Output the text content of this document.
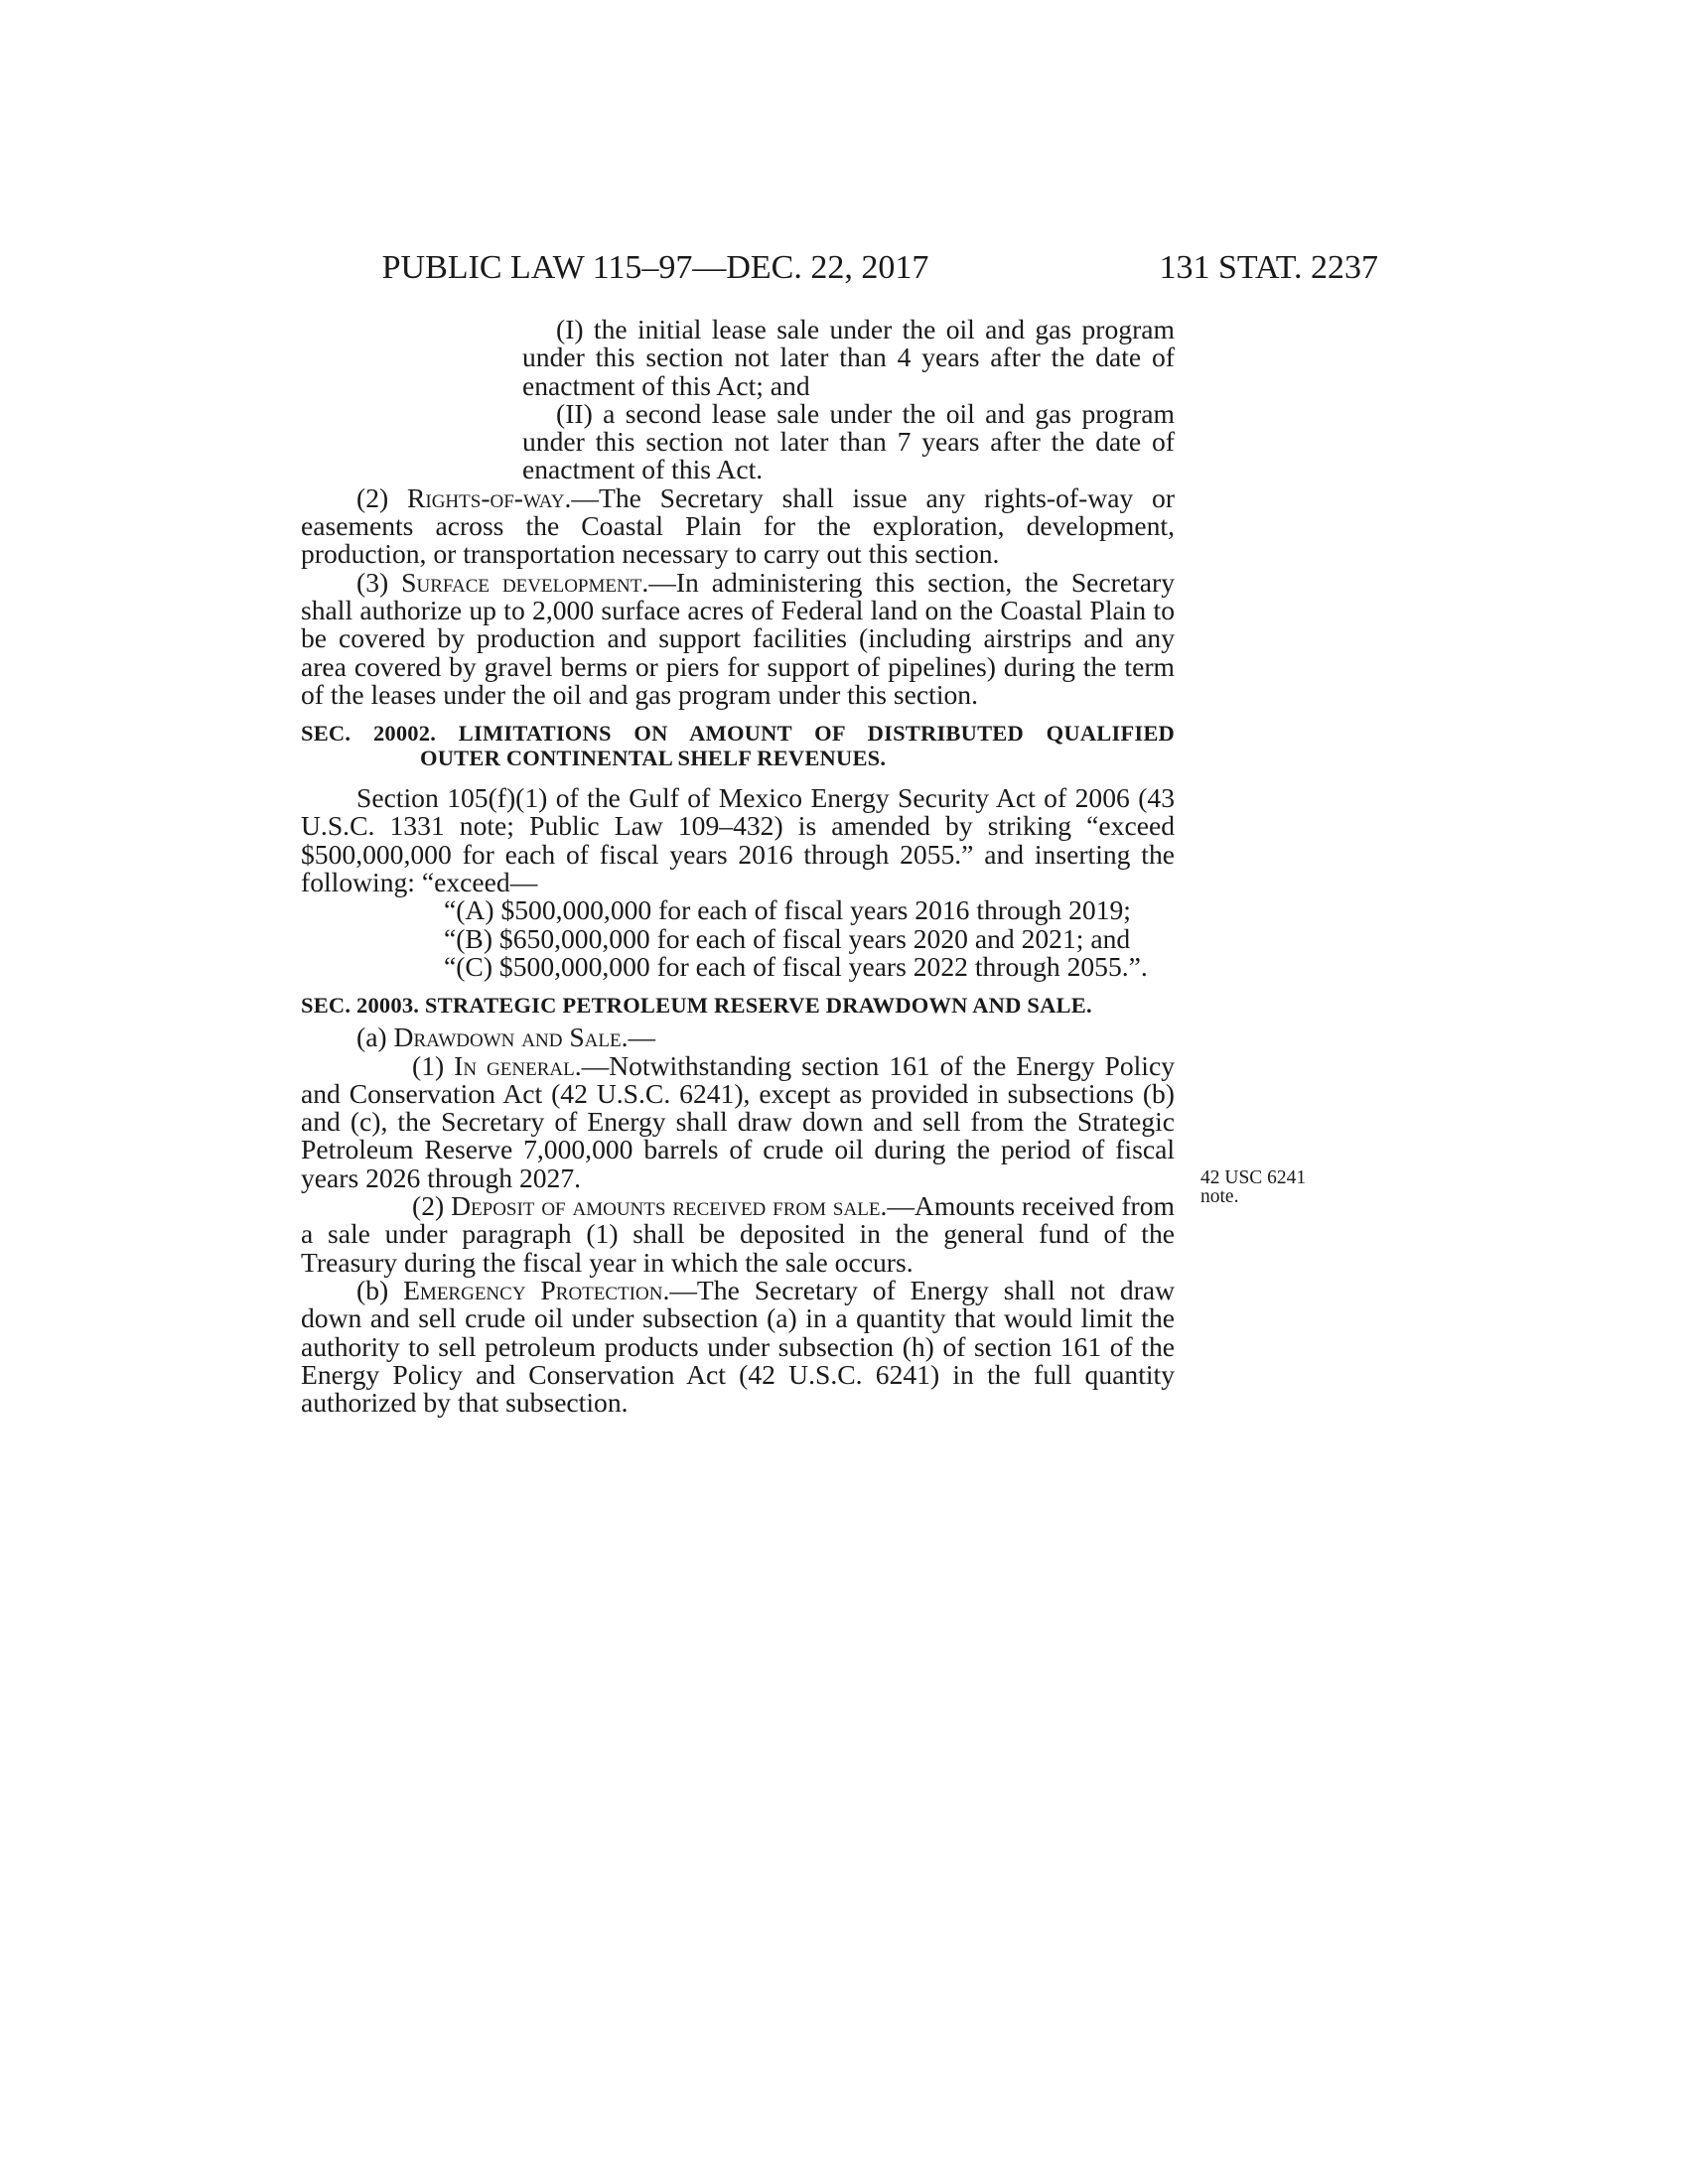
PUBLIC LAW 115–97—DEC. 22, 2017	131 STAT. 2237

(I) the initial lease sale under the oil and gas program under this section not later than 4 years after the date of enactment of this Act; and

(II) a second lease sale under the oil and gas program under this section not later than 7 years after the date of enactment of this Act.

(2) Rights-of-way.—The Secretary shall issue any rights-of-way or easements across the Coastal Plain for the exploration, development, production, or transportation necessary to carry out this section.

(3) Surface development.—In administering this section, the Secretary shall authorize up to 2,000 surface acres of Federal land on the Coastal Plain to be covered by production and support facilities (including airstrips and any area covered by gravel berms or piers for support of pipelines) during the term of the leases under the oil and gas program under this section.

SEC. 20002. LIMITATIONS ON AMOUNT OF DISTRIBUTED QUALIFIED
OUTER CONTINENTAL SHELF REVENUES.

Section 105(f)(1) of the Gulf of Mexico Energy Security Act of 2006 (43 U.S.C. 1331 note; Public Law 109–432) is amended by striking “exceed $500,000,000 for each of fiscal years 2016 through 2055.” and inserting the following: “exceed—

“(A) $500,000,000 for each of fiscal years 2016 through 2019;

“(B) $650,000,000 for each of fiscal years 2020 and 2021; and

“(C) $500,000,000 for each of fiscal years 2022 through 2055.”.

SEC. 20003. STRATEGIC PETROLEUM RESERVE DRAWDOWN AND SALE.

(a) Drawdown and Sale.—

(1) In general.—Notwithstanding section 161 of the Energy Policy and Conservation Act (42 U.S.C. 6241), except as provided in subsections (b) and (c), the Secretary of Energy shall draw down and sell from the Strategic Petroleum Reserve 7,000,000 barrels of crude oil during the period of fiscal years 2026 through 2027.

(2) Deposit of amounts received from sale.—Amounts received from a sale under paragraph (1) shall be deposited in the general fund of the Treasury during the fiscal year in which the sale occurs.

(b) Emergency Protection.—The Secretary of Energy shall not draw down and sell crude oil under subsection (a) in a quantity that would limit the authority to sell petroleum products under subsection (h) of section 161 of the Energy Policy and Conservation Act (42 U.S.C. 6241) in the full quantity authorized by that subsection.

42 USC 6241
note.
